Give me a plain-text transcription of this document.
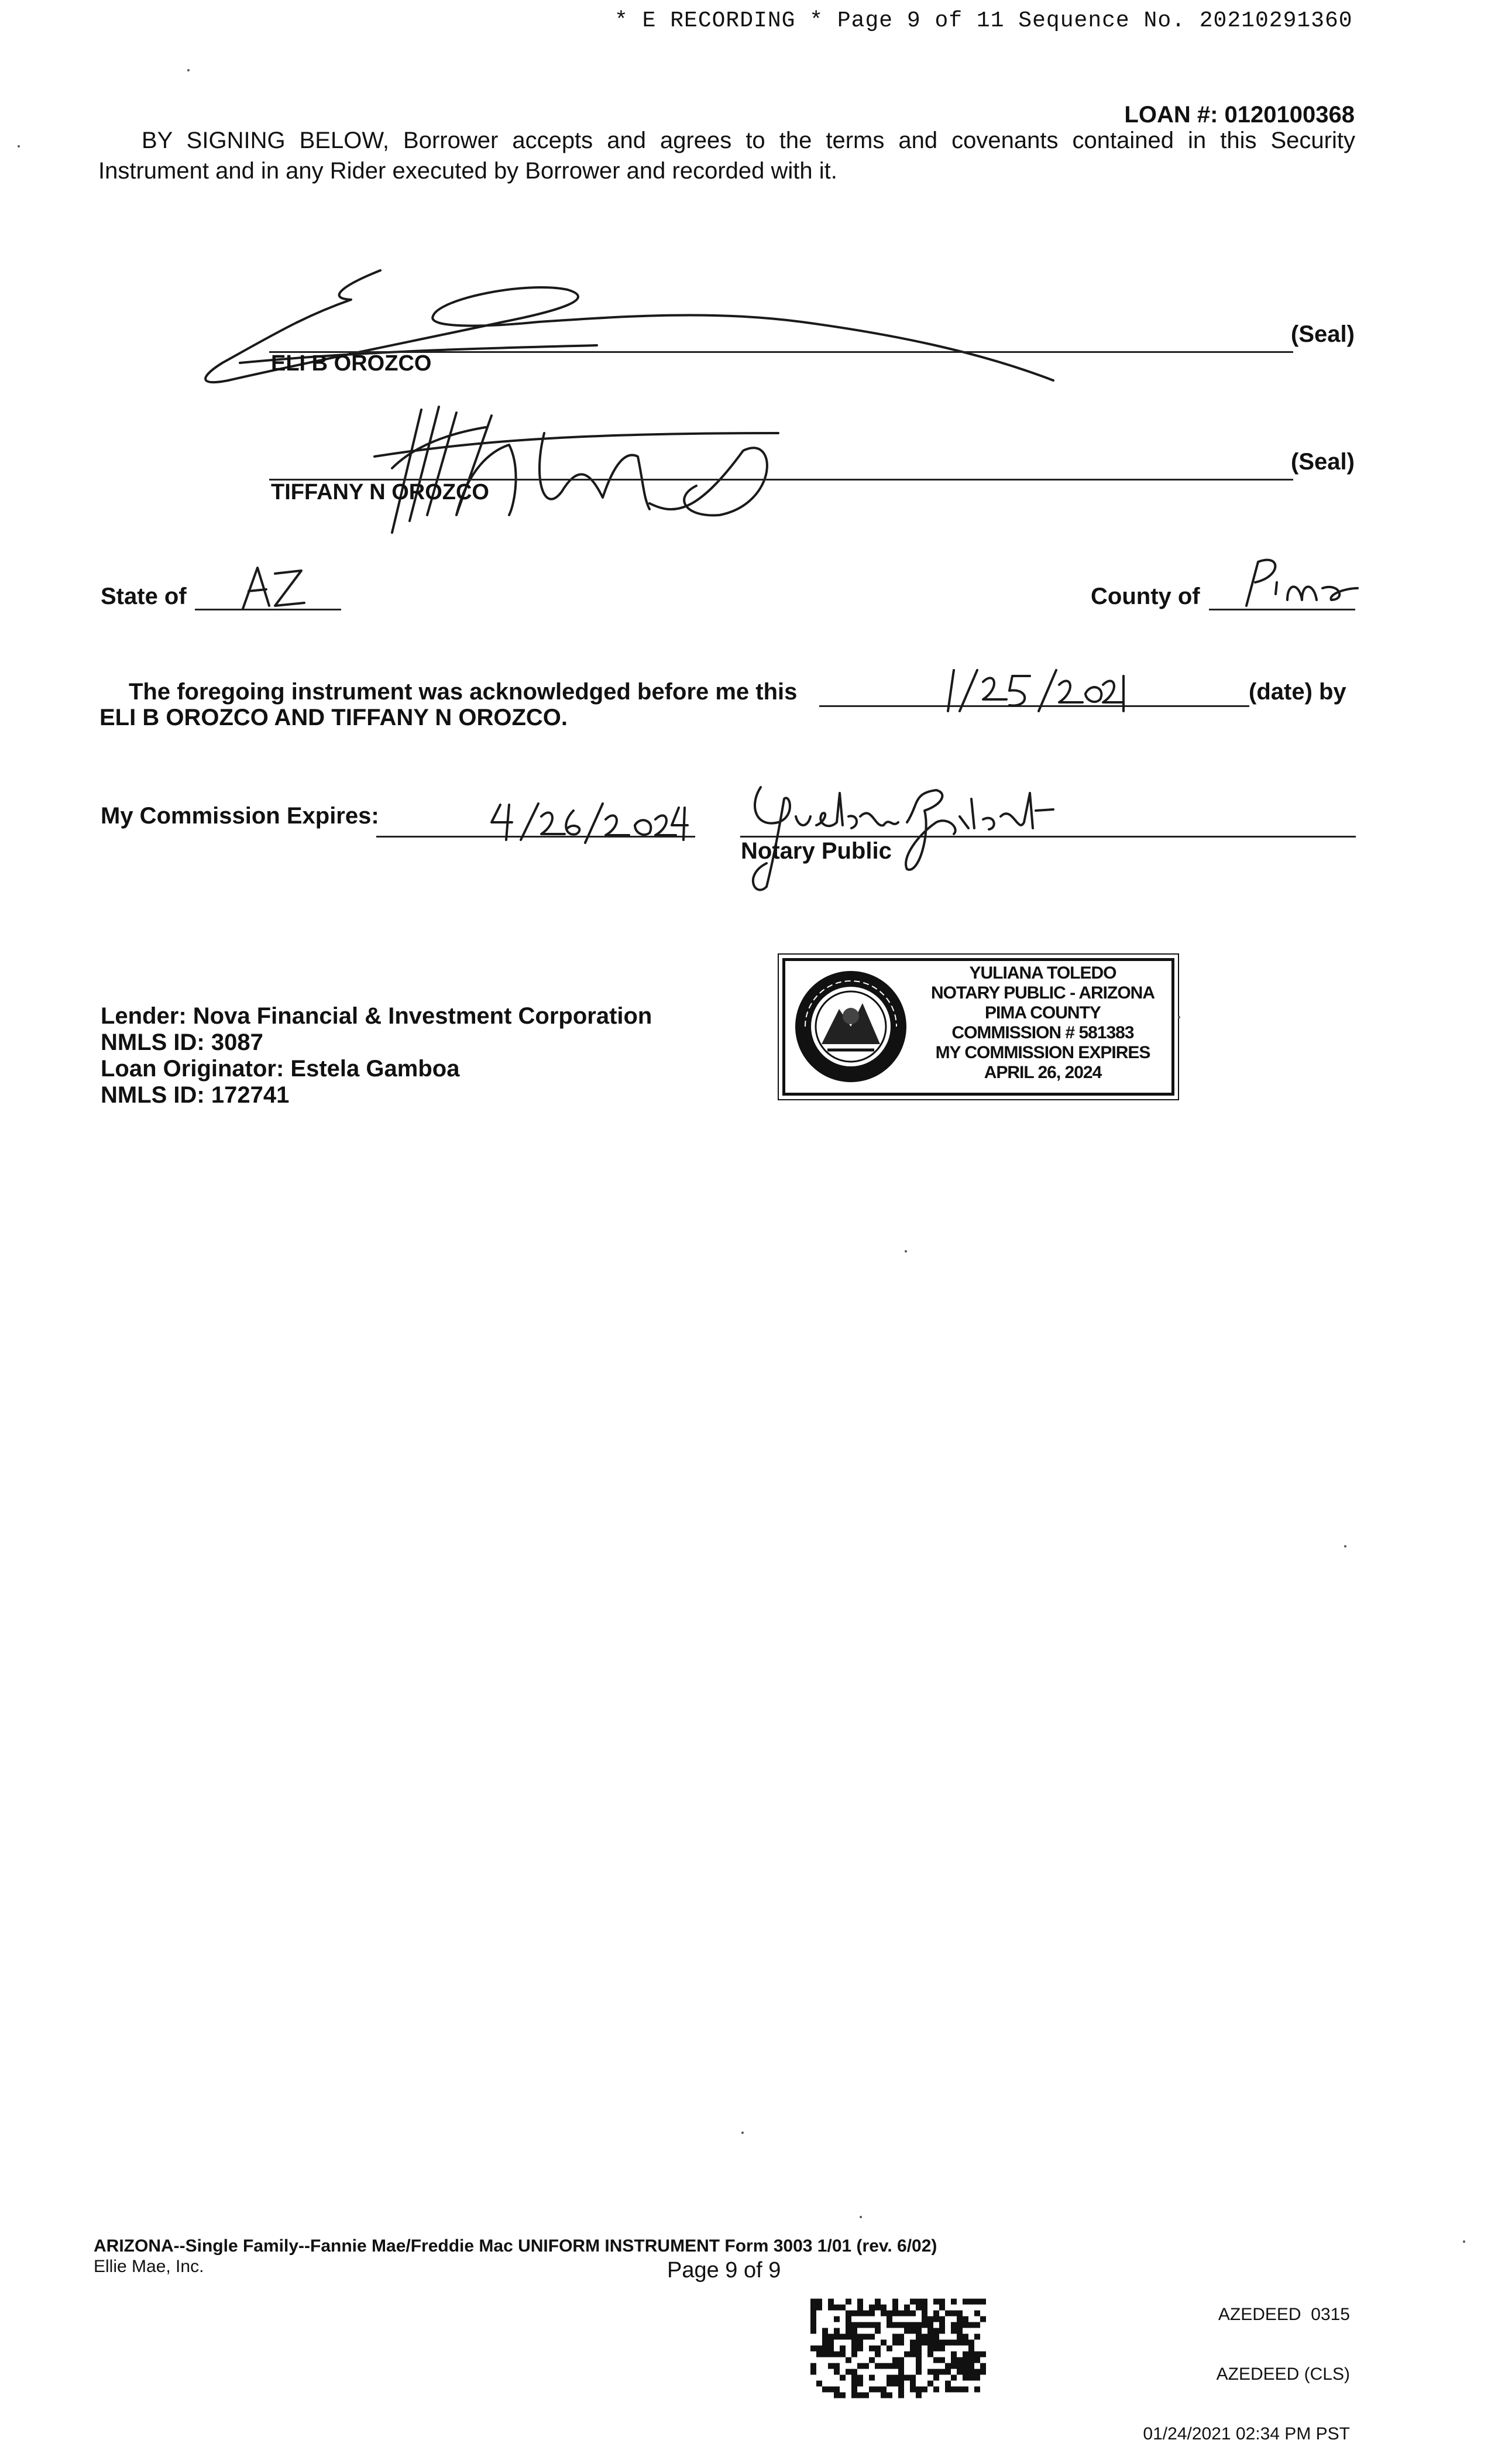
* E RECORDING * Page 9 of 11 Sequence No. 20210291360
LOAN #: 0120100368
BY SIGNING BELOW, Borrower accepts and agrees to the terms and covenants contained in this Security Instrument and in any Rider executed by Borrower and recorded with it.
(Seal)
ELI B OROZCO
(Seal)
TIFFANY N OROZCO
State of	County of
The foregoing instrument was acknowledged before me this	(date) by
ELI B OROZCO AND TIFFANY N OROZCO.
My Commission Expires:
Notary Public
Lender: Nova Financial & Investment Corporation
NMLS ID: 3087
Loan Originator: Estela Gamboa
NMLS ID: 172741
YULIANA TOLEDO
NOTARY PUBLIC - ARIZONA
PIMA COUNTY
COMMISSION # 581383
MY COMMISSION EXPIRES
APRIL 26, 2024
ARIZONA--Single Family--Fannie Mae/Freddie Mac UNIFORM INSTRUMENT Form 3003 1/01 (rev. 6/02)
Ellie Mae, Inc.	Page 9 of 9

AZEDEED  0315

AZEDEED (CLS)

01/24/2021 02:34 PM PST
